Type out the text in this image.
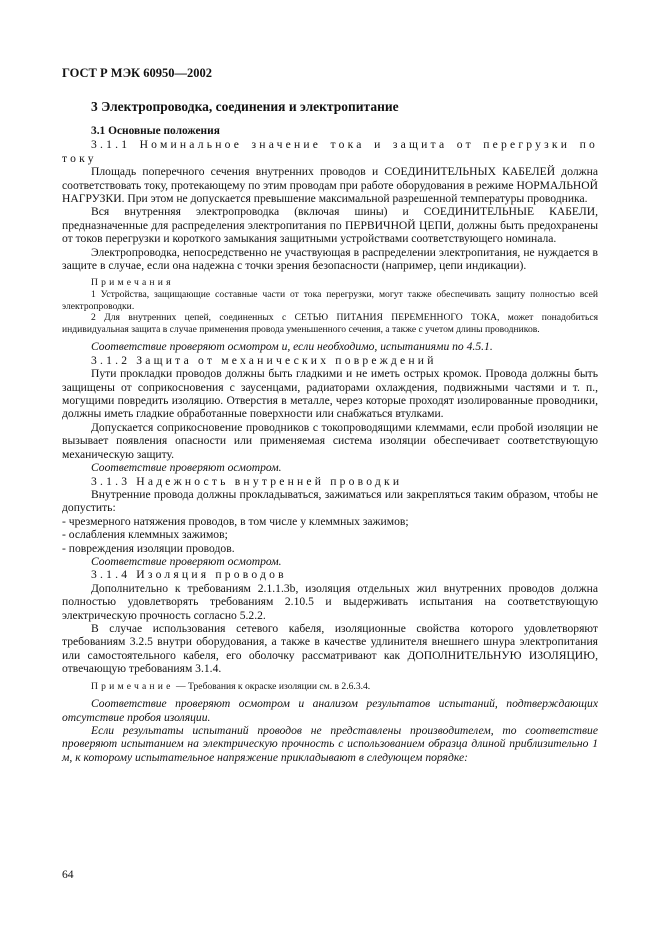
ГОСТ Р МЭК 60950—2002
3 Электропроводка, соединения и электропитание

3.1 Основные положения

3.1.1 Номинальное значение тока и защита от перегрузки по току

Площадь поперечного сечения внутренних проводов и СОЕДИНИТЕЛЬНЫХ КАБЕЛЕЙ должна соответствовать току, протекающему по этим проводам при работе оборудования в режиме НОРМАЛЬНОЙ НАГРУЗКИ. При этом не допускается превышение максимальной разрешенной температуры проводника.

Вся внутренняя электропроводка (включая шины) и СОЕДИНИТЕЛЬНЫЕ КАБЕЛИ, предназначенные для распределения электропитания по ПЕРВИЧНОЙ ЦЕПИ, должны быть предохранены от токов перегрузки и короткого замыкания защитными устройствами соответствующего номинала.

Электропроводка, непосредственно не участвующая в распределении электропитания, не нуждается в защите в случае, если она надежна с точки зрения безопасности (например, цепи индикации).

Примечания

1 Устройства, защищающие составные части от тока перегрузки, могут также обеспечивать защиту полностью всей электропроводки.

2 Для внутренних цепей, соединенных с СЕТЬЮ ПИТАНИЯ ПЕРЕМЕННОГО ТОКА, может понадобиться индивидуальная защита в случае применения провода уменьшенного сечения, а также с учетом длины проводников.

Соответствие проверяют осмотром и, если необходимо, испытаниями по 4.5.1.

3.1.2 Защита от механических повреждений

Пути прокладки проводов должны быть гладкими и не иметь острых кромок. Провода должны быть защищены от соприкосновения с заусенцами, радиаторами охлаждения, подвижными частями и т. п., могущими повредить изоляцию. Отверстия в металле, через которые проходят изолированные проводники, должны иметь гладкие обработанные поверхности или снабжаться втулками.

Допускается соприкосновение проводников с токопроводящими клеммами, если пробой изоляции не вызывает появления опасности или применяемая система изоляции обеспечивает соответствующую механическую защиту.

Соответствие проверяют осмотром.

3.1.3 Надежность внутренней проводки

Внутренние провода должны прокладываться, зажиматься или закрепляться таким образом, чтобы не допустить:

- чрезмерного натяжения проводов, в том числе у клеммных зажимов;

- ослабления клеммных зажимов;

- повреждения изоляции проводов.

Соответствие проверяют осмотром.

3.1.4 Изоляция проводов

Дополнительно к требованиям 2.1.1.3b, изоляция отдельных жил внутренних проводов должна полностью удовлетворять требованиям 2.10.5 и выдерживать испытания на соответствующую электрическую прочность согласно 5.2.2.

В случае использования сетевого кабеля, изоляционные свойства которого удовлетворяют требованиям 3.2.5 внутри оборудования, а также в качестве удлинителя внешнего шнура электропитания или самостоятельного кабеля, его оболочку рассматривают как ДОПОЛНИТЕЛЬНУЮ ИЗОЛЯЦИЮ, отвечающую требованиям 3.1.4.

Примечание — Требования к окраске изоляции см. в 2.6.3.4.

Соответствие проверяют осмотром и анализом результатов испытаний, подтверждающих отсутствие пробоя изоляции.

Если результаты испытаний проводов не представлены производителем, то соответствие проверяют испытанием на электрическую прочность с использованием образца длиной приблизительно 1 м, к которому испытательное напряжение прикладывают в следующем порядке:

64
